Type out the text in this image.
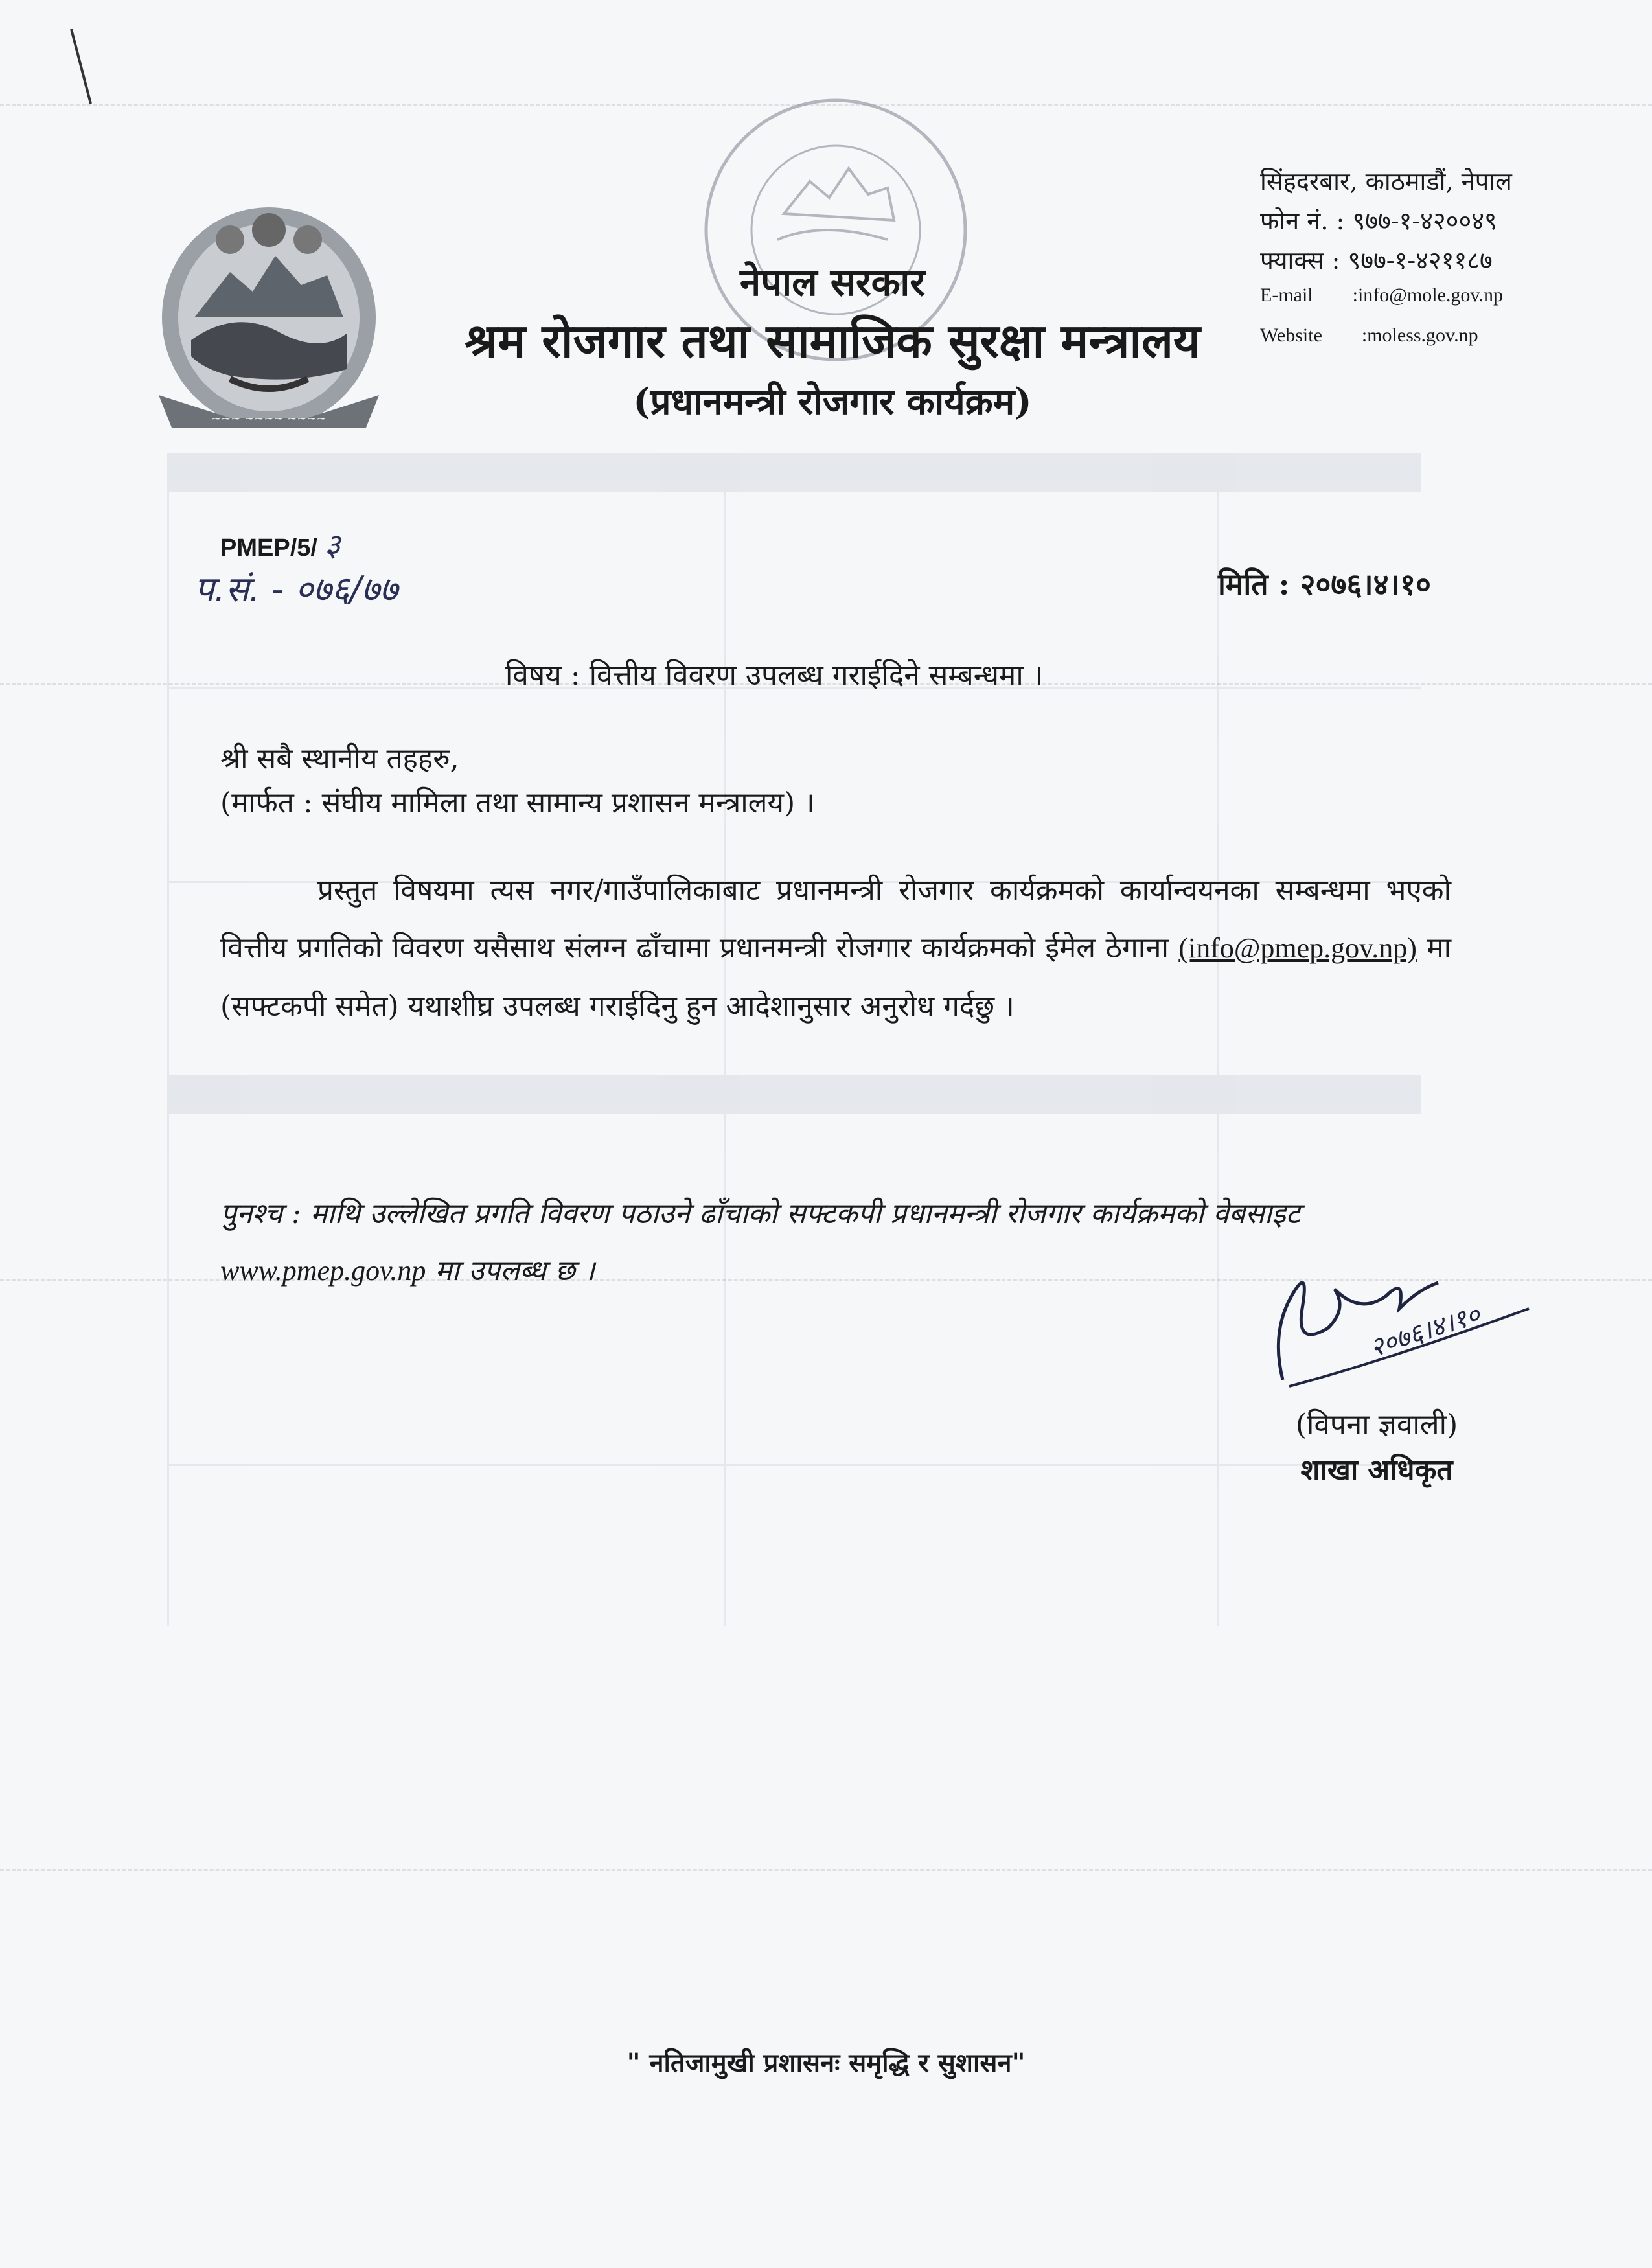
~~~ ~~~~ ~~~~

नेपाल सरकार

श्रम रोजगार तथा सामाजिक सुरक्षा मन्त्रालय

(प्रधानमन्त्री रोजगार कार्यक्रम)

सिंहदरबार, काठमाडौं, नेपाल
फोन नं. : ९७७-१-४२००४९
फ्याक्स : ९७७-१-४२११८७
E-mail :info@mole.gov.np
Website :moless.gov.np
PMEP/5/ ३
प.सं. - ०७६/७७	मिति : २०७६।४।१०
विषय : वित्तीय विवरण उपलब्ध गराईदिने सम्बन्धमा ।
श्री सबै स्थानीय तहहरु,
(मार्फत : संघीय मामिला तथा सामान्य प्रशासन मन्त्रालय) ।
प्रस्तुत विषयमा त्यस नगर/गाउँपालिकाबाट प्रधानमन्त्री रोजगार कार्यक्रमको कार्यान्वयनका सम्बन्धमा भएको वित्तीय प्रगतिको विवरण यसैसाथ संलग्न ढाँचामा प्रधानमन्त्री रोजगार कार्यक्रमको ईमेल ठेगाना (info@pmep.gov.np) मा (सफ्टकपी समेत) यथाशीघ्र उपलब्ध गराईदिनु हुन आदेशानुसार अनुरोध गर्दछु ।
पुनश्च : माथि उल्लेखित प्रगति विवरण पठाउने ढाँचाको सफ्टकपी प्रधानमन्त्री रोजगार कार्यक्रमको वेबसाइट www.pmep.gov.np मा उपलब्ध छ ।
२०७६।४।१०
(विपना ज्ञवाली)
शाखा अधिकृत
" नतिजामुखी प्रशासनः समृद्धि र सुशासन"
